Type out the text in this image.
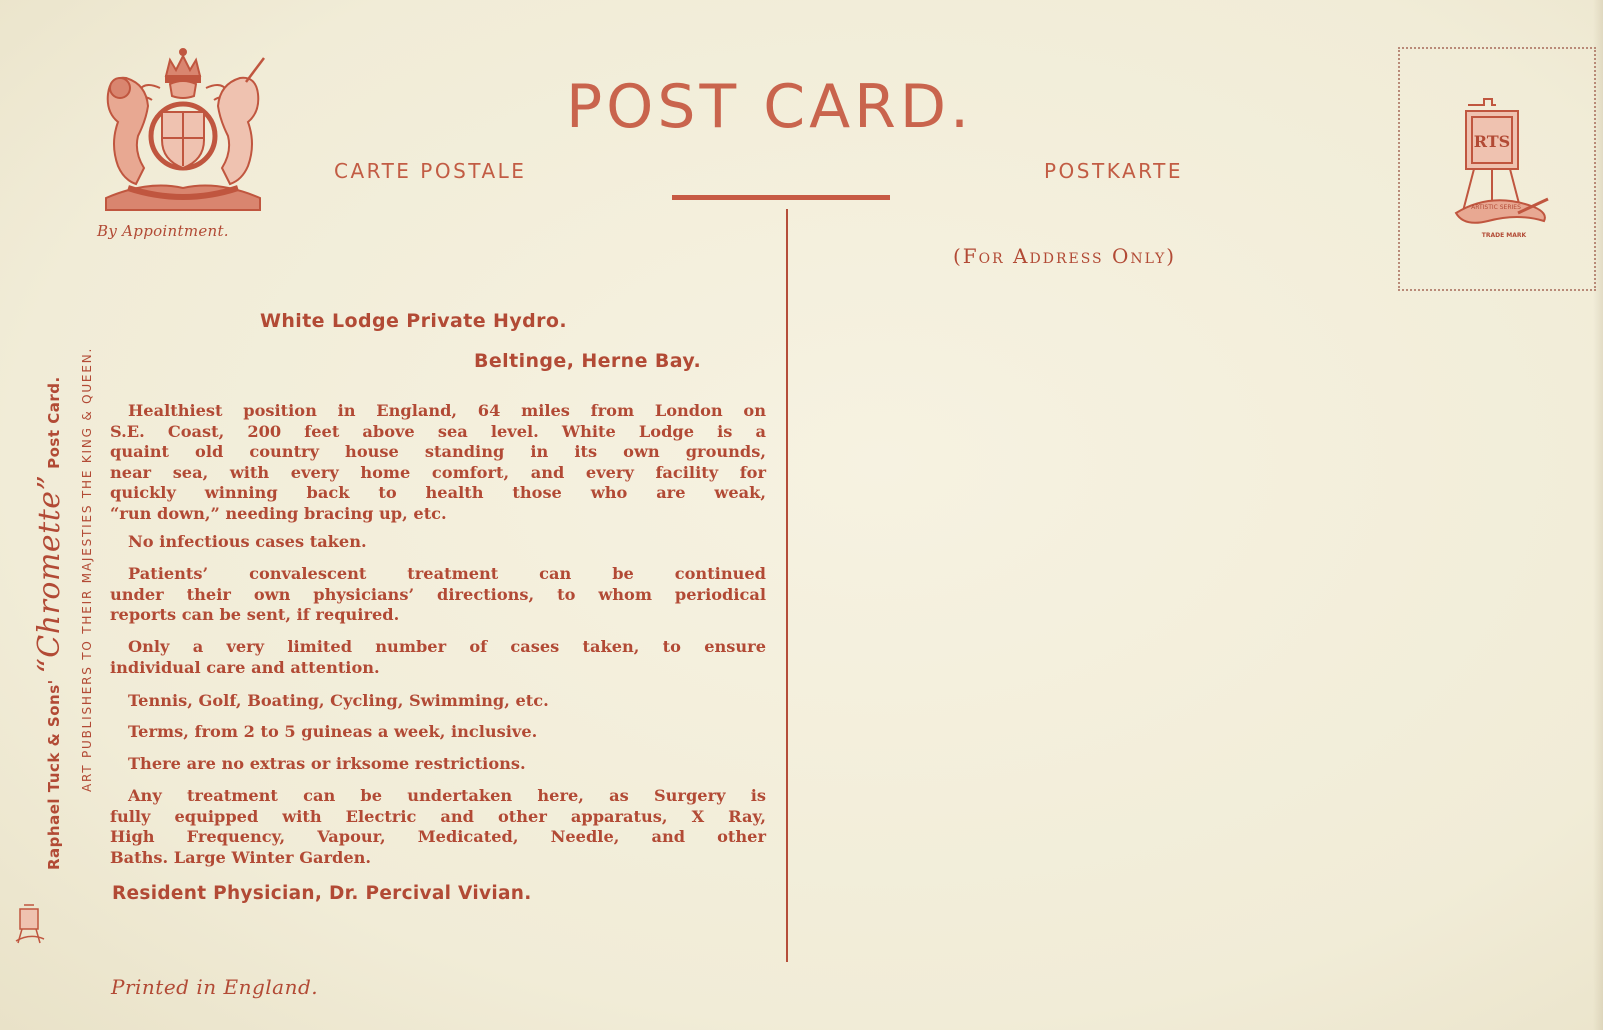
By Appointment.
POST CARD.
CARTE POSTALE	POSTKARTE
(For Address Only)
RTS
ARTISTIC SERIES
TRADE MARK
Raphael Tuck & Sons' “Chromette” Post Card.	ART PUBLISHERS TO THEIR MAJESTIES THE KING & QUEEN.
White Lodge Private Hydro.
Beltinge, Herne Bay.
Healthiest position in England, 64 miles from London on
S.E. Coast, 200 feet above sea level. White Lodge is a
quaint old country house standing in its own grounds,
near sea, with every home comfort, and every facility for
quickly winning back to health those who are weak,
“run down,” needing bracing up, etc.
No infectious cases taken.
Patients’ convalescent treatment can be continued
under their own physicians’ directions, to whom periodical
reports can be sent, if required.
Only a very limited number of cases taken, to ensure
individual care and attention.
Tennis, Golf, Boating, Cycling, Swimming, etc.
Terms, from 2 to 5 guineas a week, inclusive.
There are no extras or irksome restrictions.
Any treatment can be undertaken here, as Surgery is
fully equipped with Electric and other apparatus, X Ray,
High Frequency, Vapour, Medicated, Needle, and other
Baths. Large Winter Garden.
Resident Physician, Dr. Percival Vivian.
Printed in England.
